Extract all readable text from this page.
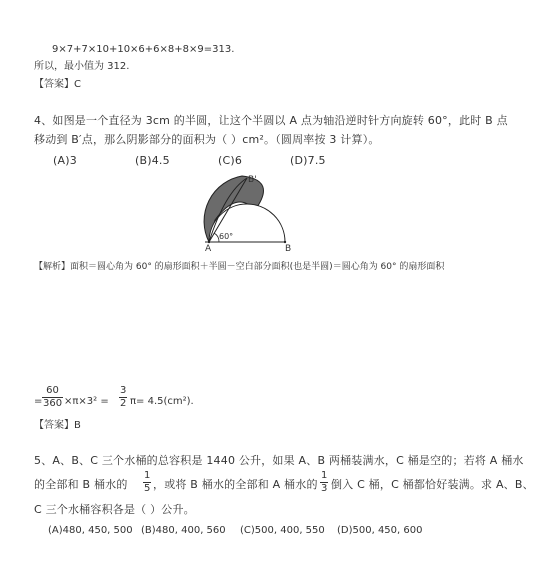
9×7+7×10+10×6+6×8+8×9=313.
所以，最小值为 312.
【答案】C
4、如图是一个直径为 3cm 的半圆，让这个半圆以 A 点为轴沿逆时针方向旋转 60°，此时 B 点
移动到 B′点，那么阴影部分的面积为（ ）cm²。（圆周率按 3 计算）。
(A)3	(B)4.5	(C)6	(D)7.5
B'
A	B
60°
【解析】面积＝圆心角为 60° 的扇形面积＋半圆－空白部分面积(也是半圆)＝圆心角为 60° 的扇形面积
=
60
360 ×π×3² =
3
2 π= 4.5(cm²).
【答案】B
5、A、B、C 三个水桶的总容积是 1440 公升，如果 A、B 两桶装满水，C 桶是空的；若将 A 桶水
的全部和 B 桶水的
1
5 ，或将 B 桶水的全部和 A 桶水的
1
3 倒入 C 桶，C 桶都恰好装满。求 A、B、
C 三个水桶容积各是（ ）公升。
(A)480, 450, 500 (B)480, 400, 560 (C)500, 400, 550 (D)500, 450, 600
